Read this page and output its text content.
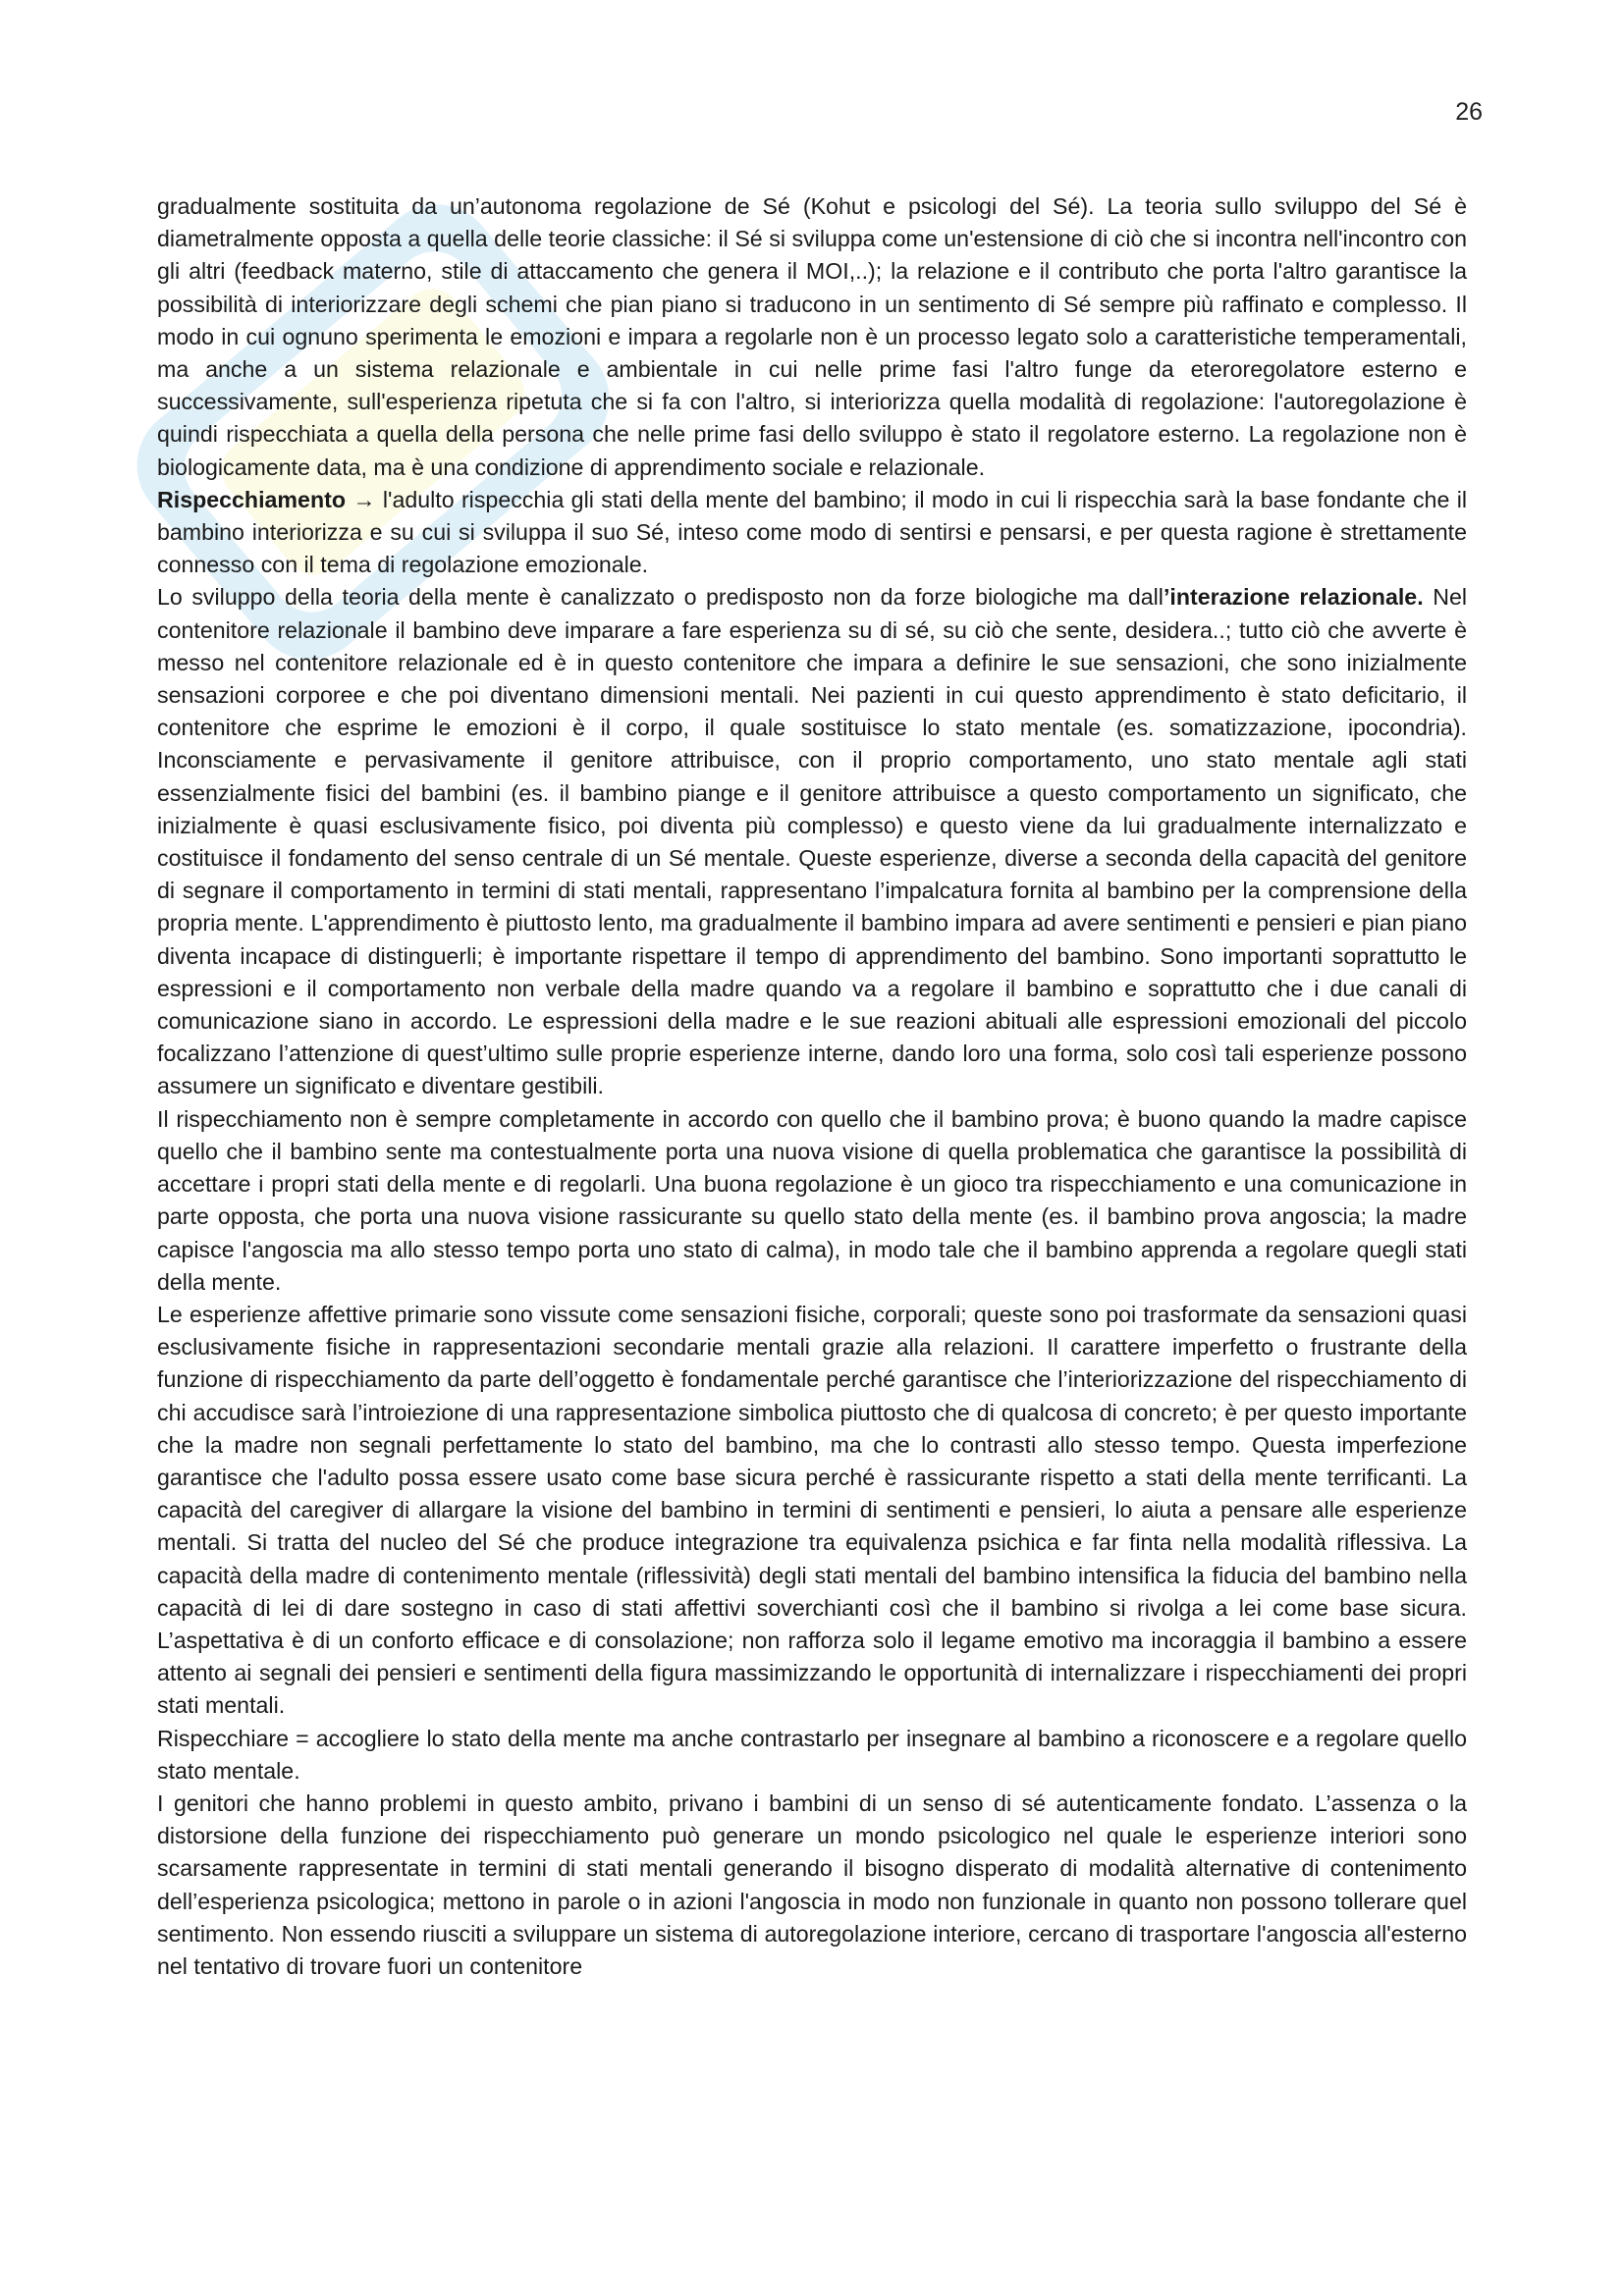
26

gradualmente sostituita da un’autonoma regolazione de Sé (Kohut e psicologi del Sé). La teoria sullo sviluppo del Sé è diametralmente opposta a quella delle teorie classiche: il Sé si sviluppa come un'estensione di ciò che si incontra nell'incontro con gli altri (feedback materno, stile di attaccamento che genera il MOI,..); la relazione e il contributo che porta l'altro garantisce la possibilità di interiorizzare degli schemi che pian piano si traducono in un sentimento di Sé sempre più raffinato e complesso. Il modo in cui ognuno sperimenta le emozioni e impara a regolarle non è un processo legato solo a caratteristiche temperamentali, ma anche a un sistema relazionale e ambientale in cui nelle prime fasi l'altro funge da eteroregolatore esterno e successivamente, sull'esperienza ripetuta che si fa con l'altro, si interiorizza quella modalità di regolazione: l'autoregolazione è quindi rispecchiata a quella della persona che nelle prime fasi dello sviluppo è stato il regolatore esterno. La regolazione non è biologicamente data, ma è una condizione di apprendimento sociale e relazionale.

Rispecchiamento → l'adulto rispecchia gli stati della mente del bambino; il modo in cui li rispecchia sarà la base fondante che il bambino interiorizza e su cui si sviluppa il suo Sé, inteso come modo di sentirsi e pensarsi, e per questa ragione è strettamente connesso con il tema di regolazione emozionale.

Lo sviluppo della teoria della mente è canalizzato o predisposto non da forze biologiche ma dall’interazione relazionale. Nel contenitore relazionale il bambino deve imparare a fare esperienza su di sé, su ciò che sente, desidera..; tutto ciò che avverte è messo nel contenitore relazionale ed è in questo contenitore che impara a definire le sue sensazioni, che sono inizialmente sensazioni corporee e che poi diventano dimensioni mentali. Nei pazienti in cui questo apprendimento è stato deficitario, il contenitore che esprime le emozioni è il corpo, il quale sostituisce lo stato mentale (es. somatizzazione, ipocondria). Inconsciamente e pervasivamente il genitore attribuisce, con il proprio comportamento, uno stato mentale agli stati essenzialmente fisici del bambini (es. il bambino piange e il genitore attribuisce a questo comportamento un significato, che inizialmente è quasi esclusivamente fisico, poi diventa più complesso) e questo viene da lui gradualmente internalizzato e costituisce il fondamento del senso centrale di un Sé mentale. Queste esperienze, diverse a seconda della capacità del genitore di segnare il comportamento in termini di stati mentali, rappresentano l’impalcatura fornita al bambino per la comprensione della propria mente. L'apprendimento è piuttosto lento, ma gradualmente il bambino impara ad avere sentimenti e pensieri e pian piano diventa incapace di distinguerli; è importante rispettare il tempo di apprendimento del bambino. Sono importanti soprattutto le espressioni e il comportamento non verbale della madre quando va a regolare il bambino e soprattutto che i due canali di comunicazione siano in accordo. Le espressioni della madre e le sue reazioni abituali alle espressioni emozionali del piccolo focalizzano l’attenzione di quest’ultimo sulle proprie esperienze interne, dando loro una forma, solo così tali esperienze possono assumere un significato e diventare gestibili.

Il rispecchiamento non è sempre completamente in accordo con quello che il bambino prova; è buono quando la madre capisce quello che il bambino sente ma contestualmente porta una nuova visione di quella problematica che garantisce la possibilità di accettare i propri stati della mente e di regolarli. Una buona regolazione è un gioco tra rispecchiamento e una comunicazione in parte opposta, che porta una nuova visione rassicurante su quello stato della mente (es. il bambino prova angoscia; la madre capisce l'angoscia ma allo stesso tempo porta uno stato di calma), in modo tale che il bambino apprenda a regolare quegli stati della mente.

Le esperienze affettive primarie sono vissute come sensazioni fisiche, corporali; queste sono poi trasformate da sensazioni quasi esclusivamente fisiche in rappresentazioni secondarie mentali grazie alla relazioni. Il carattere imperfetto o frustrante della funzione di rispecchiamento da parte dell’oggetto è fondamentale perché garantisce che l’interiorizzazione del rispecchiamento di chi accudisce sarà l’introiezione di una rappresentazione simbolica piuttosto che di qualcosa di concreto; è per questo importante che la madre non segnali perfettamente lo stato del bambino, ma che lo contrasti allo stesso tempo. Questa imperfezione garantisce che l'adulto possa essere usato come base sicura perché è rassicurante rispetto a stati della mente terrificanti. La capacità del caregiver di allargare la visione del bambino in termini di sentimenti e pensieri, lo aiuta a pensare alle esperienze mentali. Si tratta del nucleo del Sé che produce integrazione tra equivalenza psichica e far finta nella modalità riflessiva. La capacità della madre di contenimento mentale (riflessività) degli stati mentali del bambino intensifica la fiducia del bambino nella capacità di lei di dare sostegno in caso di stati affettivi soverchianti così che il bambino si rivolga a lei come base sicura. L’aspettativa è di un conforto efficace e di consolazione; non rafforza solo il legame emotivo ma incoraggia il bambino a essere attento ai segnali dei pensieri e sentimenti della figura massimizzando le opportunità di internalizzare i rispecchiamenti dei propri stati mentali.

Rispecchiare = accogliere lo stato della mente ma anche contrastarlo per insegnare al bambino a riconoscere e a regolare quello stato mentale.

I genitori che hanno problemi in questo ambito, privano i bambini di un senso di sé autenticamente fondato. L’assenza o la distorsione della funzione dei rispecchiamento può generare un mondo psicologico nel quale le esperienze interiori sono scarsamente rappresentate in termini di stati mentali generando il bisogno disperato di modalità alternative di contenimento dell’esperienza psicologica; mettono in parole o in azioni l'angoscia in modo non funzionale in quanto non possono tollerare quel sentimento. Non essendo riusciti a sviluppare un sistema di autoregolazione interiore, cercano di trasportare l'angoscia all'esterno nel tentativo di trovare fuori un contenitore
